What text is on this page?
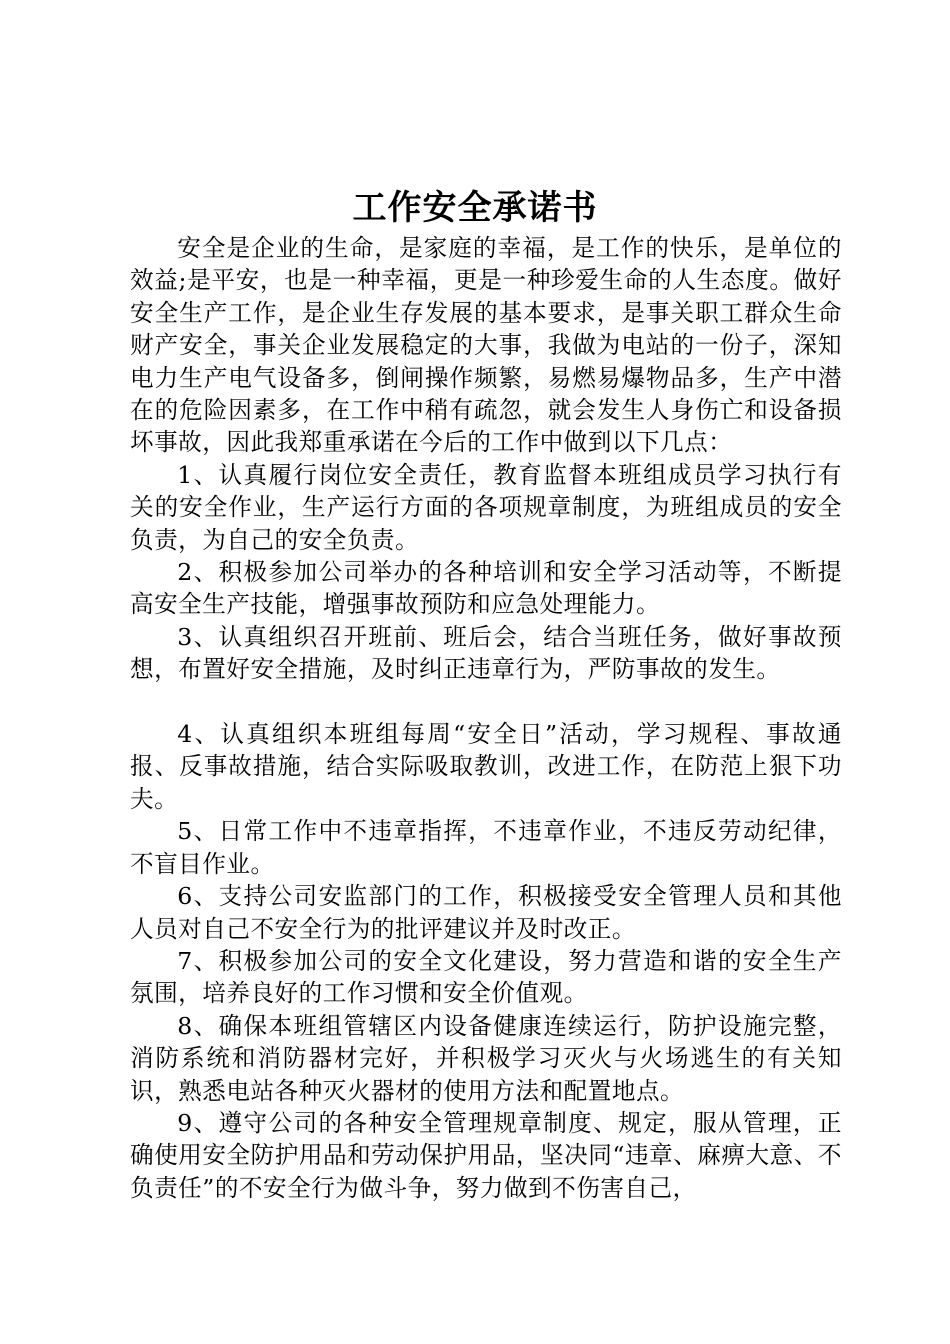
工作安全承诺书

安全是企业的生命，是家庭的幸福，是工作的快乐，是单位的效益;是平安，也是一种幸福，更是一种珍爱生命的人生态度。做好安全生产工作，是企业生存发展的基本要求，是事关职工群众生命财产安全，事关企业发展稳定的大事，我做为电站的一份子，深知电力生产电气设备多，倒闸操作频繁，易燃易爆物品多，生产中潜在的危险因素多，在工作中稍有疏忽，就会发生人身伤亡和设备损坏事故，因此我郑重承诺在今后的工作中做到以下几点：

1、认真履行岗位安全责任，教育监督本班组成员学习执行有关的安全作业，生产运行方面的各项规章制度，为班组成员的安全负责，为自己的安全负责。

2、积极参加公司举办的各种培训和安全学习活动等，不断提高安全生产技能，增强事故预防和应急处理能力。

3、认真组织召开班前、班后会，结合当班任务，做好事故预想，布置好安全措施，及时纠正违章行为，严防事故的发生。

4、认真组织本班组每周“安全日”活动，学习规程、事故通报、反事故措施，结合实际吸取教训，改进工作，在防范上狠下功夫。

5、日常工作中不违章指挥，不违章作业，不违反劳动纪律，不盲目作业。

6、支持公司安监部门的工作，积极接受安全管理人员和其他人员对自己不安全行为的批评建议并及时改正。

7、积极参加公司的安全文化建设，努力营造和谐的安全生产氛围，培养良好的工作习惯和安全价值观。

8、确保本班组管辖区内设备健康连续运行，防护设施完整，消防系统和消防器材完好，并积极学习灭火与火场逃生的有关知识，熟悉电站各种灭火器材的使用方法和配置地点。

9、遵守公司的各种安全管理规章制度、规定，服从管理，正确使用安全防护用品和劳动保护用品，坚决同“违章、麻痹大意、不负责任”的不安全行为做斗争，努力做到不伤害自己，
